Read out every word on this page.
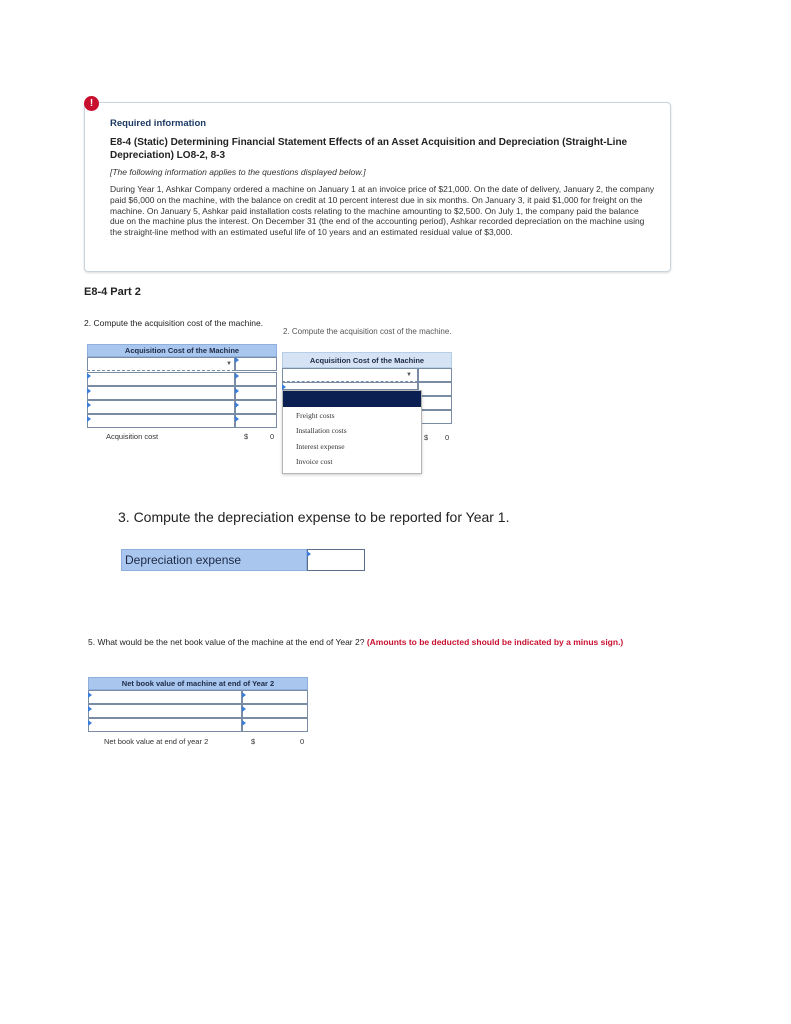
!
Required information
E8-4 (Static) Determining Financial Statement Effects of an Asset Acquisition and Depreciation (Straight-Line Depreciation) LO8-2, 8-3
[The following information applies to the questions displayed below.]
During Year 1, Ashkar Company ordered a machine on January 1 at an invoice price of $21,000. On the date of delivery, January 2, the company paid $6,000 on the machine, with the balance on credit at 10 percent interest due in six months. On January 3, it paid $1,000 for freight on the machine. On January 5, Ashkar paid installation costs relating to the machine amounting to $2,500. On July 1, the company paid the balance due on the machine plus the interest. On December 31 (the end of the accounting period), Ashkar recorded depreciation on the machine using the straight-line method with an estimated useful life of 10 years and an estimated residual value of $3,000.
E8-4 Part 2
2. Compute the acquisition cost of the machine.
2. Compute the acquisition cost of the machine.
Acquisition Cost of the Machine
▼
Acquisition cost	$	0
Acquisition Cost of the Machine
▼
$ 0
Freight costs
Installation costs
Interest expense
Invoice cost
3. Compute the depreciation expense to be reported for Year 1.
Depreciation expense
5. What would be the net book value of the machine at the end of Year 2? (Amounts to be deducted should be indicated by a minus sign.)
Net book value of machine at end of Year 2
Net book value at end of year 2	$	0
